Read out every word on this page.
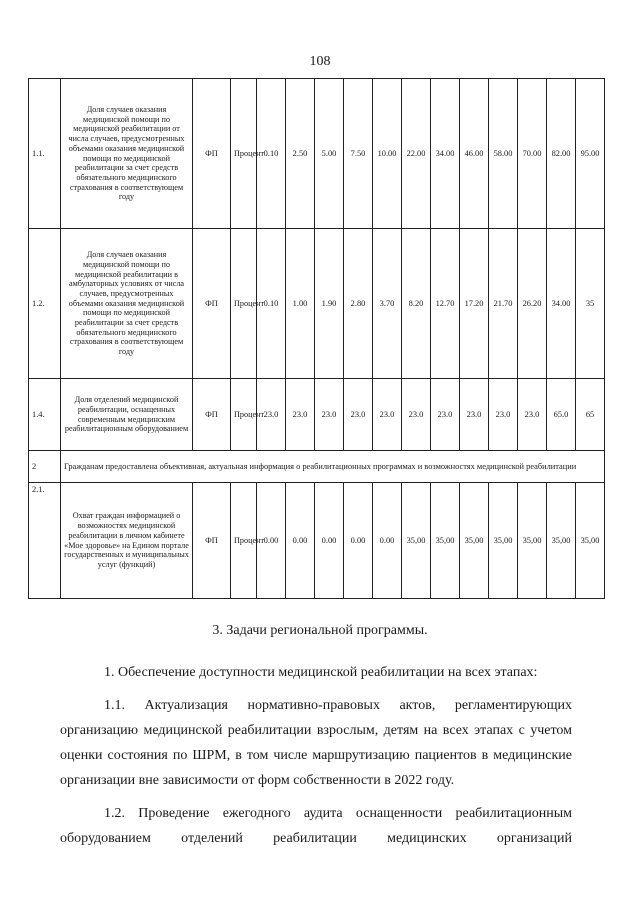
108
1.1.	Доля случаев оказания медицинской помощи по медицинской реабилитации от числа случаев, предусмотренных объемами оказания медицинской помощи по медицинской реабилитации за счет средств обязательного медицинского страхования в соответствующем году	ФП	Процент	0.10	2.50	5.00	7.50	10.00	22.00	34.00	46.00	58.00	70.00	82.00	95.00
1.2.	Доля случаев оказания медицинской помощи по медицинской реабилитации в амбулаторных условиях от числа случаев, предусмотренных объемами оказания медицинской помощи по медицинской реабилитации за счет средств обязательного медицинского страхования в соответствующем году	ФП	Процент	0.10	1.00	1.90	2.80	3.70	8.20	12.70	17.20	21.70	26.20	34.00	35
1.4.	Доля отделений медицинской реабилитации, оснащенных современным медицинским реабилитационным оборудованием	ФП	Процент	23.0	23.0	23.0	23.0	23.0	23.0	23.0	23.0	23.0	23.0	65.0	65
2	Гражданам предоставлена объективная, актуальная информация о реабилитационных программах и возможностях медицинской реабилитации														
2.1.	Охват граждан информацией о возможностях медицинской реабилитации в личном кабинете «Мое здоровье» на Едином портале государственных и муниципальных услуг (функций)	ФП	Процент	0.00	0.00	0.00	0.00	0.00	35,00	35,00	35,00	35,00	35,00	35,00	35,00
3. Задачи региональной программы.

1. Обеспечение доступности медицинской реабилитации на всех этапах:

1.1. Актуализация нормативно-правовых актов, регламентирующих организацию медицинской реабилитации взрослым, детям на всех этапах с учетом оценки состояния по ШРМ, в том числе маршрутизацию пациентов в медицинские организации вне зависимости от форм собственности в 2022 году.

1.2. Проведение ежегодного аудита оснащенности реабилитационным оборудованием отделений реабилитации медицинских организаций
